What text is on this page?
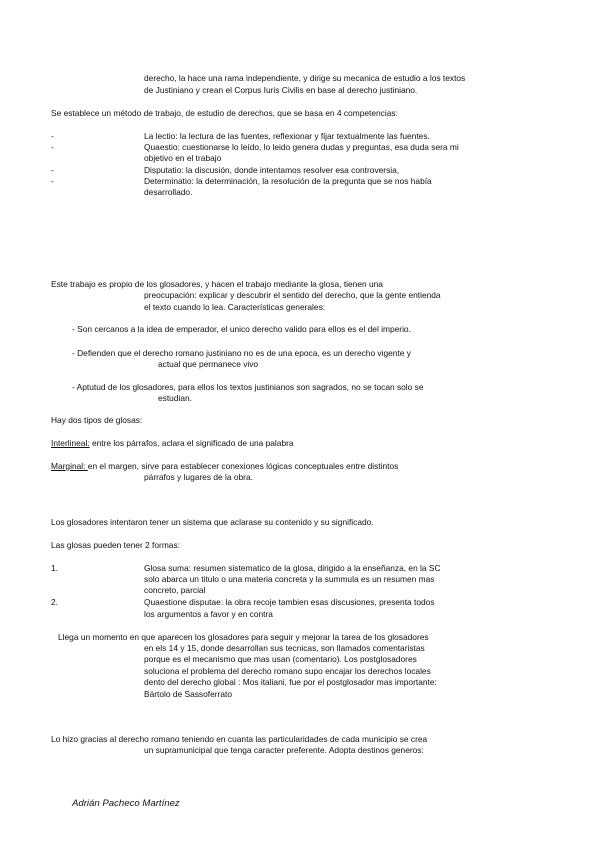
derecho, la hace una rama independiente, y dirige su mecanica de estudio a los textos
de Justiniano y crean el Corpus Iuris Civilis en base al derecho justiniano.
Se establece un método de trabajo, de estudio de derechos, que se basa en 4 competencias:
-	La lectio: la lectura de las fuentes, reflexionar y fijar textualmente las fuentes.
-	Quaestio: cuestionarse lo leído, lo leido genera dudas y preguntas, esa duda sera mi
objetivo en el trabajo
-	Disputatio: la discusión, donde intentamos resolver esa controversia,
-	Determinatio: la determinación, la resolución de la pregunta que se nos había
desarrollado.
Este trabajo es propio de los glosadores, y hacen el trabajo mediante la glosa, tienen una
preocupación: explicar y descubrir el sentido del derecho, que la gente entienda
el texto cuando lo lea. Características generales:
- Son cercanos a la idea de emperador, el unico derecho valido para ellos es el del imperio.
- Defienden que el derecho romano justiniano no es de una epoca, es un derecho vigente y
actual que permanece vivo
- Aptutud de los glosadores, para ellos los textos justinianos son sagrados, no se tocan solo se
estudian.
Hay dos tipos de glosas:
Interlineal: entre los párrafos, aclara el significado de una palabra
Marginal: en el margen, sirve para establecer conexiones lógicas conceptuales entre distintos
párrafos y lugares de la obra.
Los glosadores intentaron tener un sistema que aclarase su contenido y su significado.
Las glosas pueden tener 2 formas:
1.	Glosa suma: resumen sistematico de la glosa, dirigido a la enseñanza, en la SC
solo abarca un titulo o una materia concreta y la summula es un resumen mas
concreto, parcial
2.	Quaestione disputae: la obra recoje tambien esas discusiones, presenta todos
los argumentos a favor y en contra
Llega un momento en que aparecen los glosadores para seguir y mejorar la tarea de los glosadores
en els 14 y 15, donde desarrollan sus tecnicas, son llamados comentaristas
porque es el mecanismo que mas usan (comentario). Los postglosadores
soluciona el problema del derecho romano supo encajar los derechos locales
dento del derecho global : Mos italiani, fue por el postglosador mas importante:
Bártolo de Sassoferrato
Lo hizo gracias al derecho romano teniendo en cuanta las particularidades de cada municipio se crea
un supramunicipal que tenga caracter preferente. Adopta destinos generos:
Adrián Pacheco Martínez
